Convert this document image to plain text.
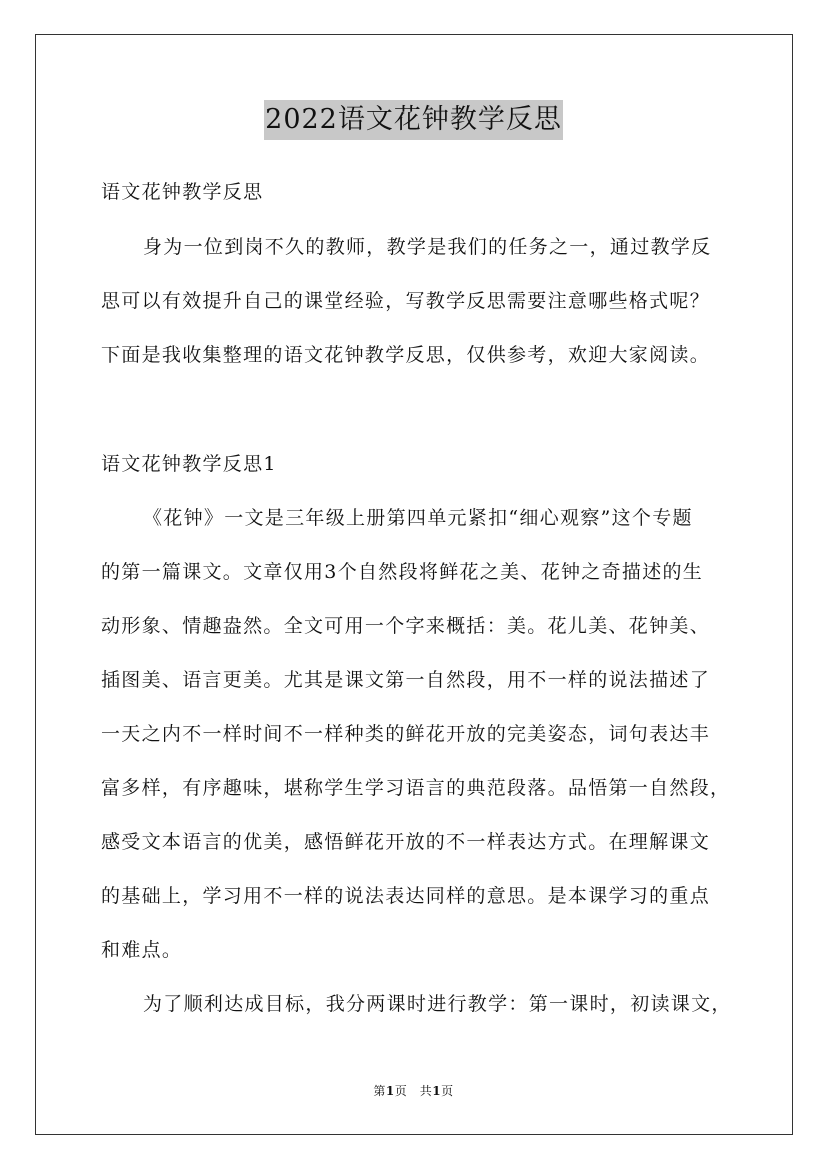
2022语文花钟教学反思
语文花钟教学反思
身为一位到岗不久的教师，教学是我们的任务之一，通过教学反
思可以有效提升自己的课堂经验，写教学反思需要注意哪些格式呢？
下面是我收集整理的语文花钟教学反思，仅供参考，欢迎大家阅读。
语文花钟教学反思1
《花钟》一文是三年级上册第四单元紧扣“细心观察”这个专题
的第一篇课文。文章仅用3个自然段将鲜花之美、花钟之奇描述的生
动形象、情趣盎然。全文可用一个字来概括：美。花儿美、花钟美、
插图美、语言更美。尤其是课文第一自然段，用不一样的说法描述了
一天之内不一样时间不一样种类的鲜花开放的完美姿态，词句表达丰
富多样，有序趣味，堪称学生学习语言的典范段落。品悟第一自然段，
感受文本语言的优美，感悟鲜花开放的不一样表达方式。在理解课文
的基础上，学习用不一样的说法表达同样的意思。是本课学习的重点
和难点。
为了顺利达成目标，我分两课时进行教学：第一课时，初读课文，
第1页　共1页
